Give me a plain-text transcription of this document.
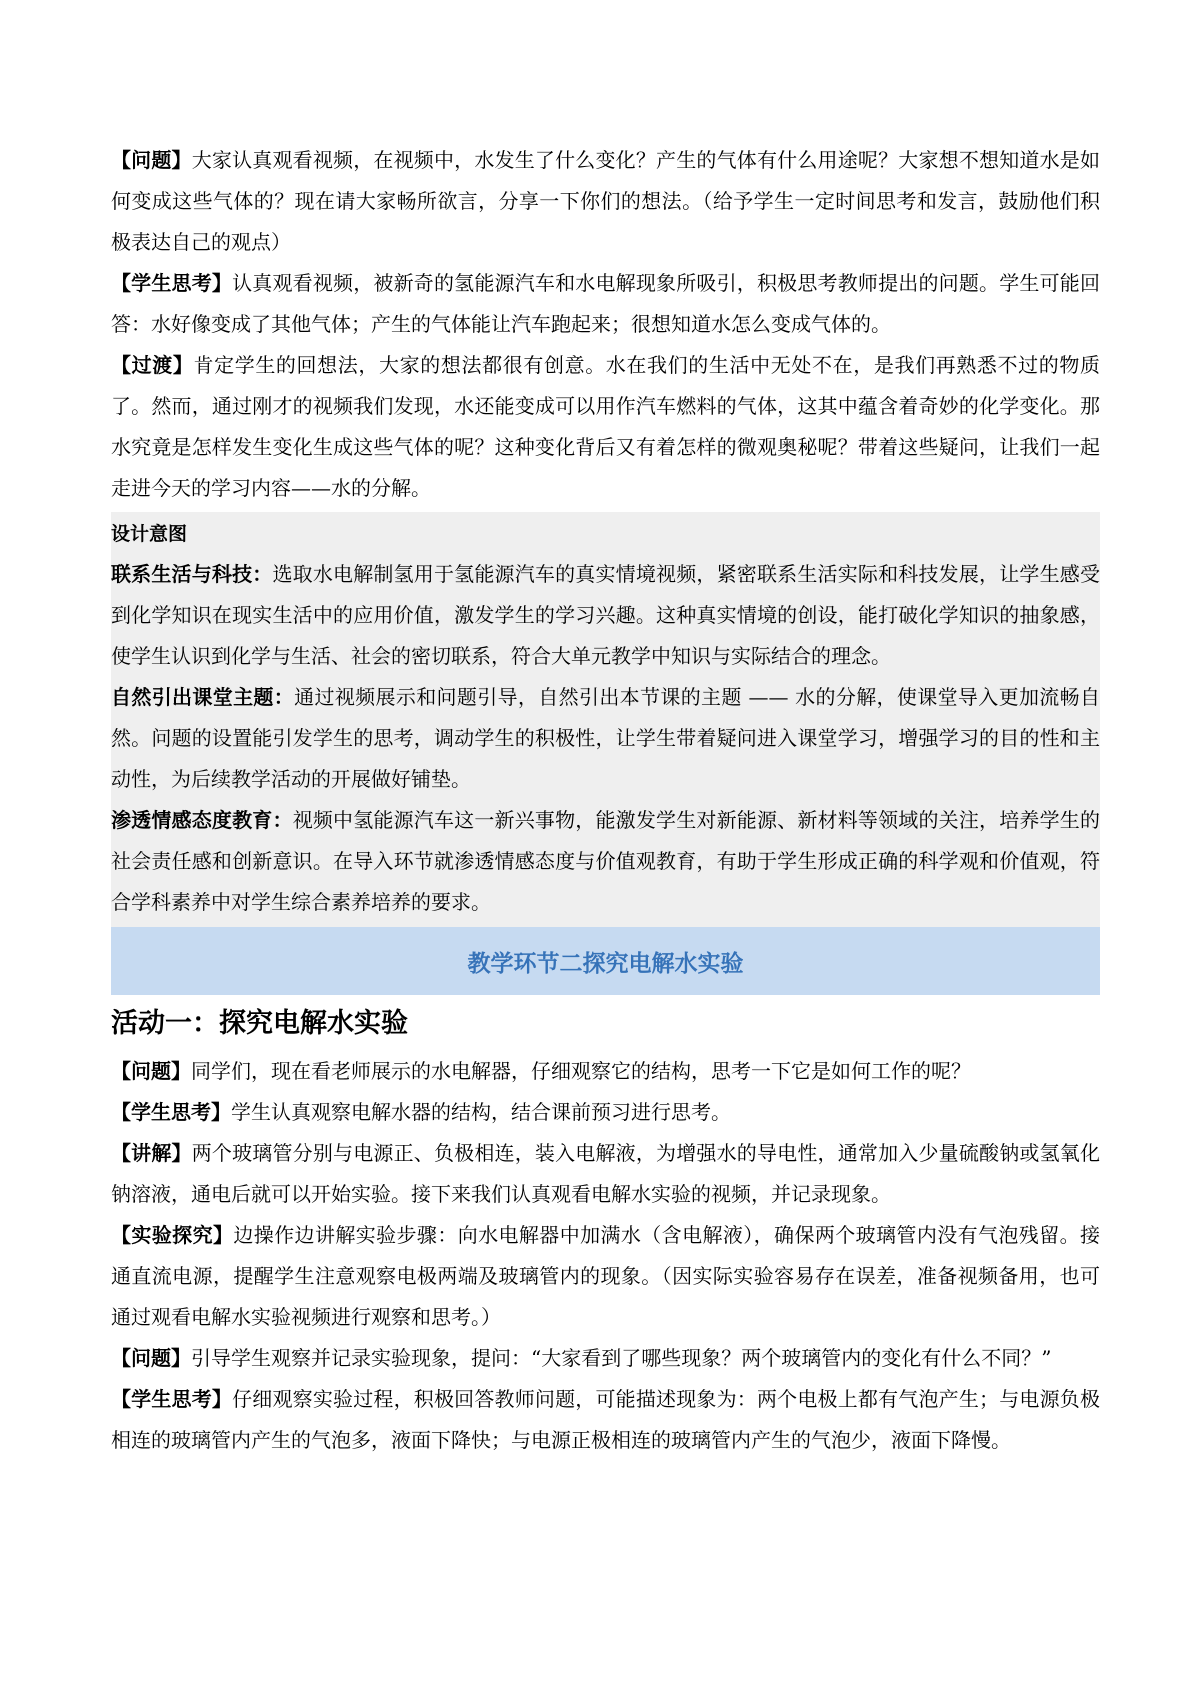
【问题】大家认真观看视频，在视频中，水发生了什么变化？产生的气体有什么用途呢？大家想不想知道水是如何变成这些气体的？现在请大家畅所欲言，分享一下你们的想法。（给予学生一定时间思考和发言，鼓励他们积极表达自己的观点）

【学生思考】认真观看视频，被新奇的氢能源汽车和水电解现象所吸引，积极思考教师提出的问题。学生可能回答：水好像变成了其他气体；产生的气体能让汽车跑起来；很想知道水怎么变成气体的。

【过渡】肯定学生的回想法，大家的想法都很有创意。水在我们的生活中无处不在，是我们再熟悉不过的物质了。然而，通过刚才的视频我们发现，水还能变成可以用作汽车燃料的气体，这其中蕴含着奇妙的化学变化。那水究竟是怎样发生变化生成这些气体的呢？这种变化背后又有着怎样的微观奥秘呢？带着这些疑问，让我们一起走进今天的学习内容——水的分解。

设计意图

联系生活与科技：选取水电解制氢用于氢能源汽车的真实情境视频，紧密联系生活实际和科技发展，让学生感受到化学知识在现实生活中的应用价值，激发学生的学习兴趣。这种真实情境的创设，能打破化学知识的抽象感，使学生认识到化学与生活、社会的密切联系，符合大单元教学中知识与实际结合的理念。

自然引出课堂主题：通过视频展示和问题引导，自然引出本节课的主题 —— 水的分解，使课堂导入更加流畅自然。问题的设置能引发学生的思考，调动学生的积极性，让学生带着疑问进入课堂学习，增强学习的目的性和主动性，为后续教学活动的开展做好铺垫。

渗透情感态度教育：视频中氢能源汽车这一新兴事物，能激发学生对新能源、新材料等领域的关注，培养学生的社会责任感和创新意识。在导入环节就渗透情感态度与价值观教育，有助于学生形成正确的科学观和价值观，符合学科素养中对学生综合素养培养的要求。

教学环节二探究电解水实验
活动一：探究电解水实验

【问题】同学们，现在看老师展示的水电解器，仔细观察它的结构，思考一下它是如何工作的呢？

【学生思考】学生认真观察电解水器的结构，结合课前预习进行思考。

【讲解】两个玻璃管分别与电源正、负极相连，装入电解液，为增强水的导电性，通常加入少量硫酸钠或氢氧化钠溶液，通电后就可以开始实验。接下来我们认真观看电解水实验的视频，并记录现象。

【实验探究】边操作边讲解实验步骤：向水电解器中加满水（含电解液），确保两个玻璃管内没有气泡残留。接通直流电源，提醒学生注意观察电极两端及玻璃管内的现象。（因实际实验容易存在误差，准备视频备用，也可通过观看电解水实验视频进行观察和思考。）

【问题】引导学生观察并记录实验现象，提问：“大家看到了哪些现象？两个玻璃管内的变化有什么不同？”

【学生思考】仔细观察实验过程，积极回答教师问题，可能描述现象为：两个电极上都有气泡产生；与电源负极相连的玻璃管内产生的气泡多，液面下降快；与电源正极相连的玻璃管内产生的气泡少，液面下降慢。
